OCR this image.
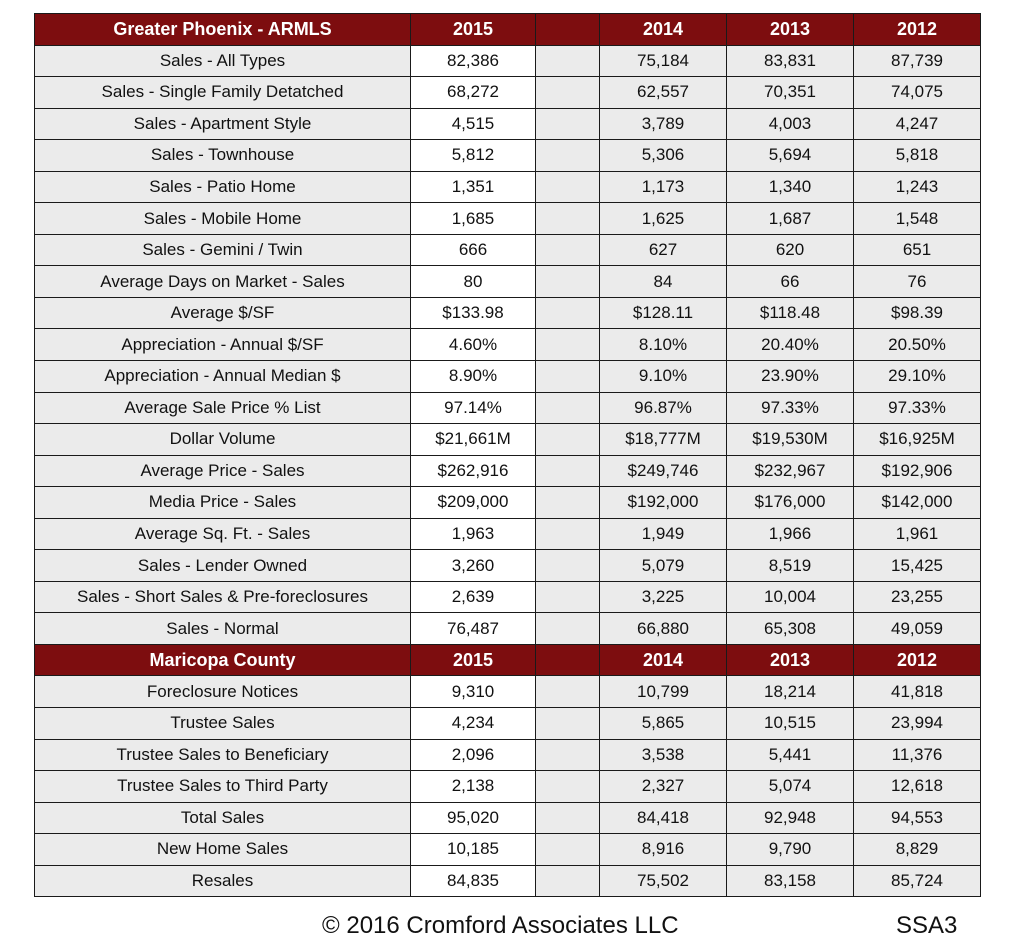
Greater Phoenix - ARMLS	2015		2014	2013	2012
Sales - All Types	82,386		75,184	83,831	87,739
Sales - Single Family Detatched	68,272		62,557	70,351	74,075
Sales - Apartment Style	4,515		3,789	4,003	4,247
Sales - Townhouse	5,812		5,306	5,694	5,818
Sales - Patio Home	1,351		1,173	1,340	1,243
Sales - Mobile Home	1,685		1,625	1,687	1,548
Sales - Gemini / Twin	666		627	620	651
Average Days on Market - Sales	80		84	66	76
Average $/SF	$133.98		$128.11	$118.48	$98.39
Appreciation - Annual $/SF	4.60%		8.10%	20.40%	20.50%
Appreciation - Annual Median $	8.90%		9.10%	23.90%	29.10%
Average Sale Price % List	97.14%		96.87%	97.33%	97.33%
Dollar Volume	$21,661M		$18,777M	$19,530M	$16,925M
Average Price - Sales	$262,916		$249,746	$232,967	$192,906
Media Price - Sales	$209,000		$192,000	$176,000	$142,000
Average Sq. Ft. - Sales	1,963		1,949	1,966	1,961
Sales - Lender Owned	3,260		5,079	8,519	15,425
Sales - Short Sales & Pre-foreclosures	2,639		3,225	10,004	23,255
Sales - Normal	76,487		66,880	65,308	49,059
Maricopa County	2015		2014	2013	2012
Foreclosure Notices	9,310		10,799	18,214	41,818
Trustee Sales	4,234		5,865	10,515	23,994
Trustee Sales to Beneficiary	2,096		3,538	5,441	11,376
Trustee Sales to Third Party	2,138		2,327	5,074	12,618
Total Sales	95,020		84,418	92,948	94,553
New Home Sales	10,185		8,916	9,790	8,829
Resales	84,835		75,502	83,158	85,724
© 2016 Cromford Associates LLC	SSA3
